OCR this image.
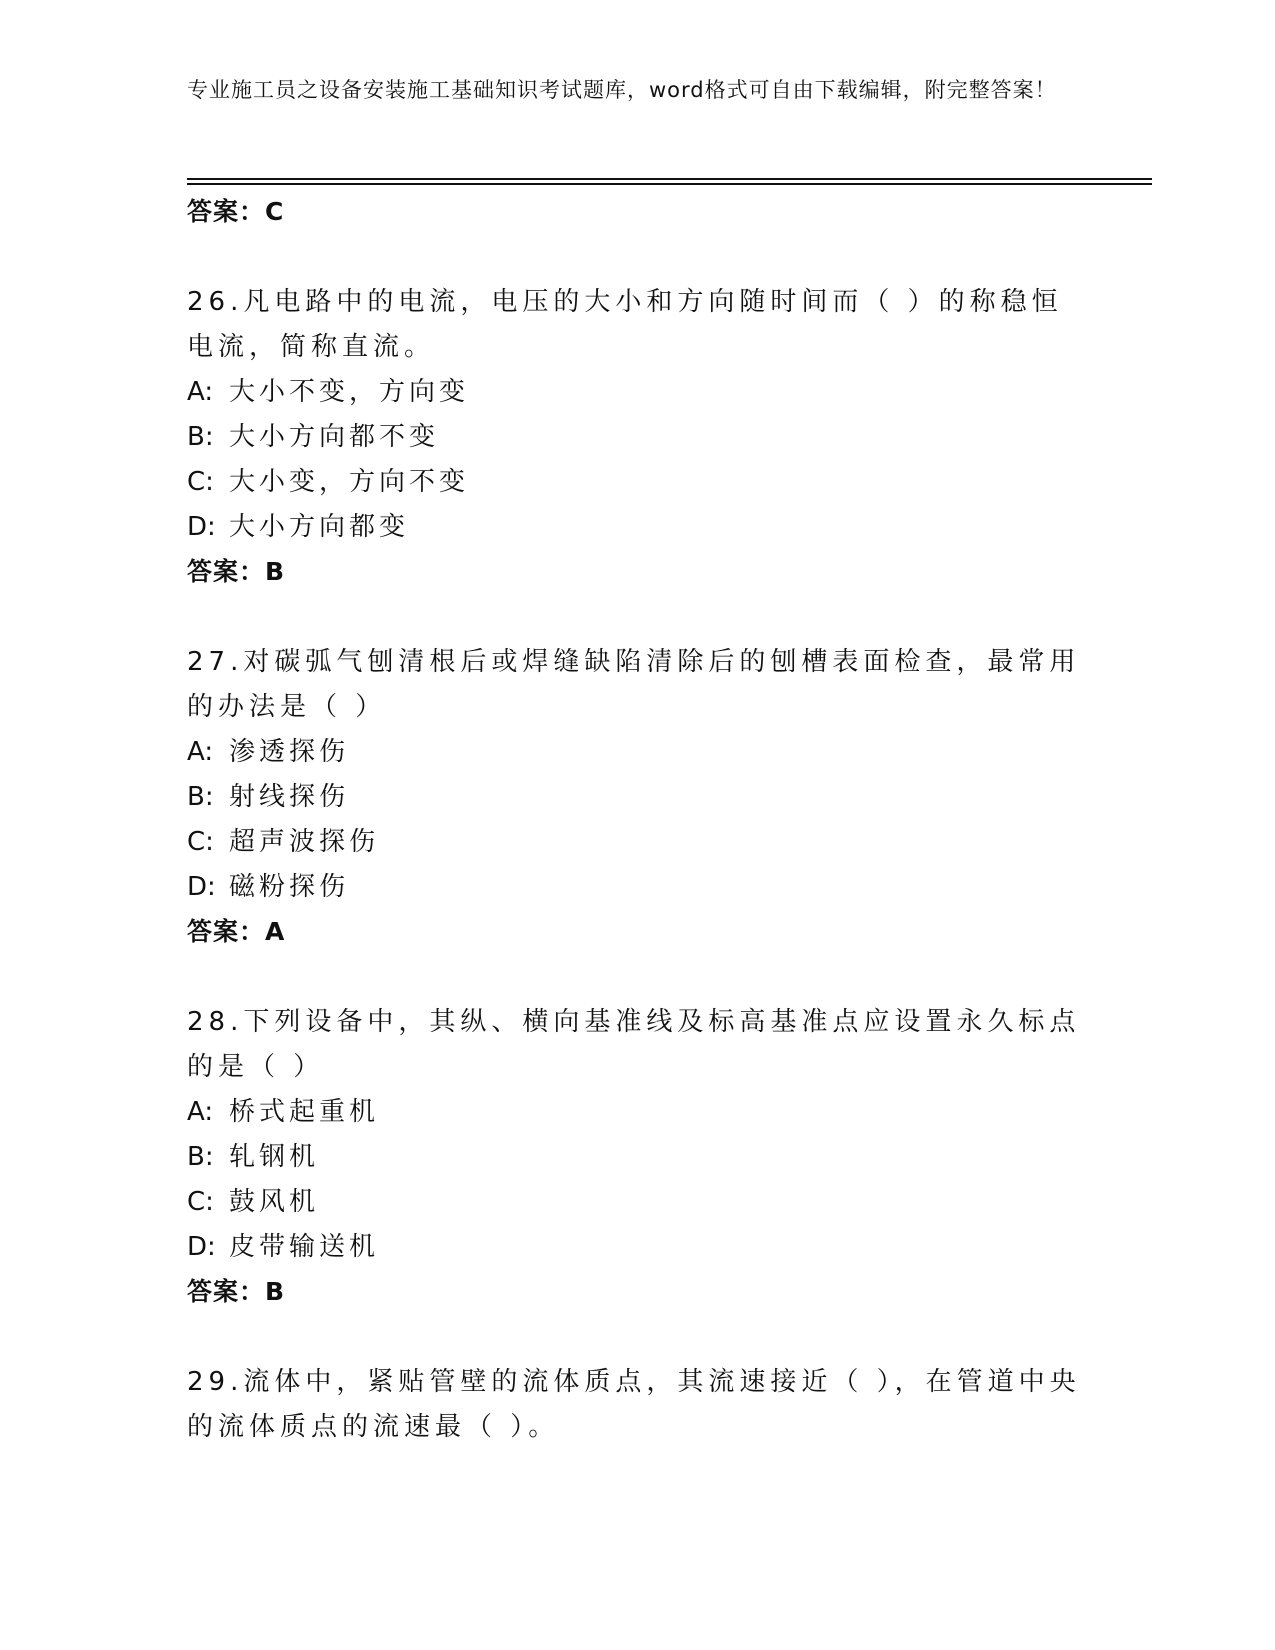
专业施工员之设备安装施工基础知识考试题库，word格式可自由下载编辑，附完整答案！
答案：C
26.凡电路中的电流，电压的大小和方向随时间而（ ）的称稳恒电流，简称直流。
A: 大小不变，方向变
B: 大小方向都不变
C: 大小变，方向不变
D: 大小方向都变
答案：B
27.对碳弧气刨清根后或焊缝缺陷清除后的刨槽表面检查，最常用的办法是（ ）
A: 渗透探伤
B: 射线探伤
C: 超声波探伤
D: 磁粉探伤
答案：A
28.下列设备中，其纵、横向基准线及标高基准点应设置永久标点的是（ ）
A: 桥式起重机
B: 轧钢机
C: 鼓风机
D: 皮带输送机
答案：B
29.流体中，紧贴管壁的流体质点，其流速接近（ ），在管道中央的流体质点的流速最（ ）。
